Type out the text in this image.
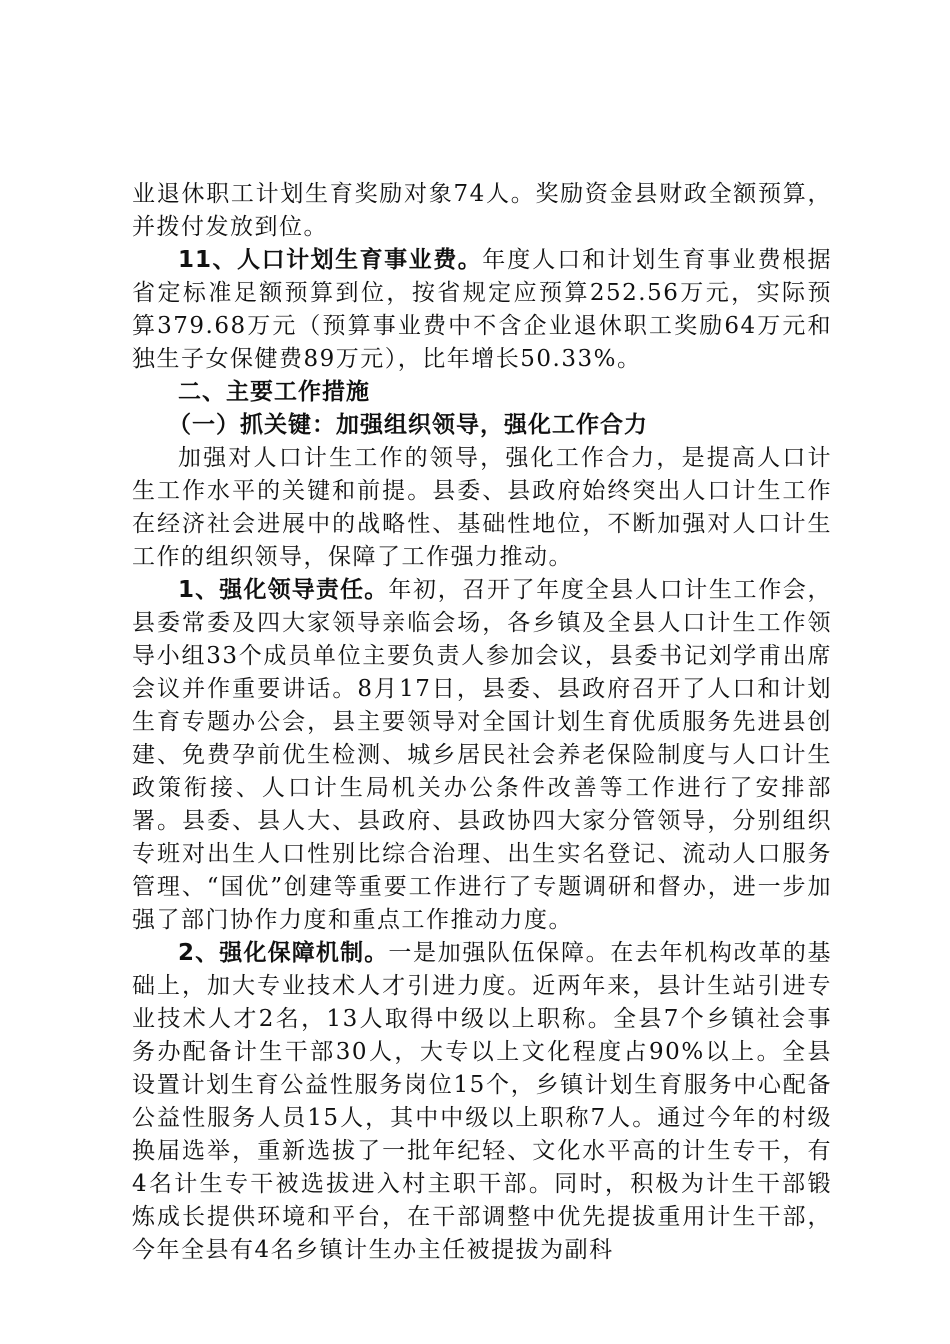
业退休职工计划生育奖励对象74人。奖励资金县财政全额预算，并拨付发放到位。

11、人口计划生育事业费。年度人口和计划生育事业费根据省定标准足额预算到位，按省规定应预算252.56万元，实际预算379.68万元（预算事业费中不含企业退休职工奖励64万元和独生子女保健费89万元），比年增长50.33%。

二、主要工作措施

（一）抓关键：加强组织领导，强化工作合力

加强对人口计生工作的领导，强化工作合力，是提高人口计生工作水平的关键和前提。县委、县政府始终突出人口计生工作在经济社会进展中的战略性、基础性地位，不断加强对人口计生工作的组织领导，保障了工作强力推动。

1、强化领导责任。年初，召开了年度全县人口计生工作会，县委常委及四大家领导亲临会场，各乡镇及全县人口计生工作领导小组33个成员单位主要负责人参加会议，县委书记刘学甫出席会议并作重要讲话。8月17日，县委、县政府召开了人口和计划生育专题办公会，县主要领导对全国计划生育优质服务先进县创建、免费孕前优生检测、城乡居民社会养老保险制度与人口计生政策衔接、人口计生局机关办公条件改善等工作进行了安排部署。县委、县人大、县政府、县政协四大家分管领导，分别组织专班对出生人口性别比综合治理、出生实名登记、流动人口服务管理、“国优”创建等重要工作进行了专题调研和督办，进一步加强了部门协作力度和重点工作推动力度。

2、强化保障机制。一是加强队伍保障。在去年机构改革的基础上，加大专业技术人才引进力度。近两年来，县计生站引进专业技术人才2名，13人取得中级以上职称。全县7个乡镇社会事务办配备计生干部30人，大专以上文化程度占90%以上。全县设置计划生育公益性服务岗位15个，乡镇计划生育服务中心配备公益性服务人员15人，其中中级以上职称7人。通过今年的村级换届选举，重新选拔了一批年纪轻、文化水平高的计生专干，有4名计生专干被选拔进入村主职干部。同时，积极为计生干部锻炼成长提供环境和平台，在干部调整中优先提拔重用计生干部，今年全县有4名乡镇计生办主任被提拔为副科
